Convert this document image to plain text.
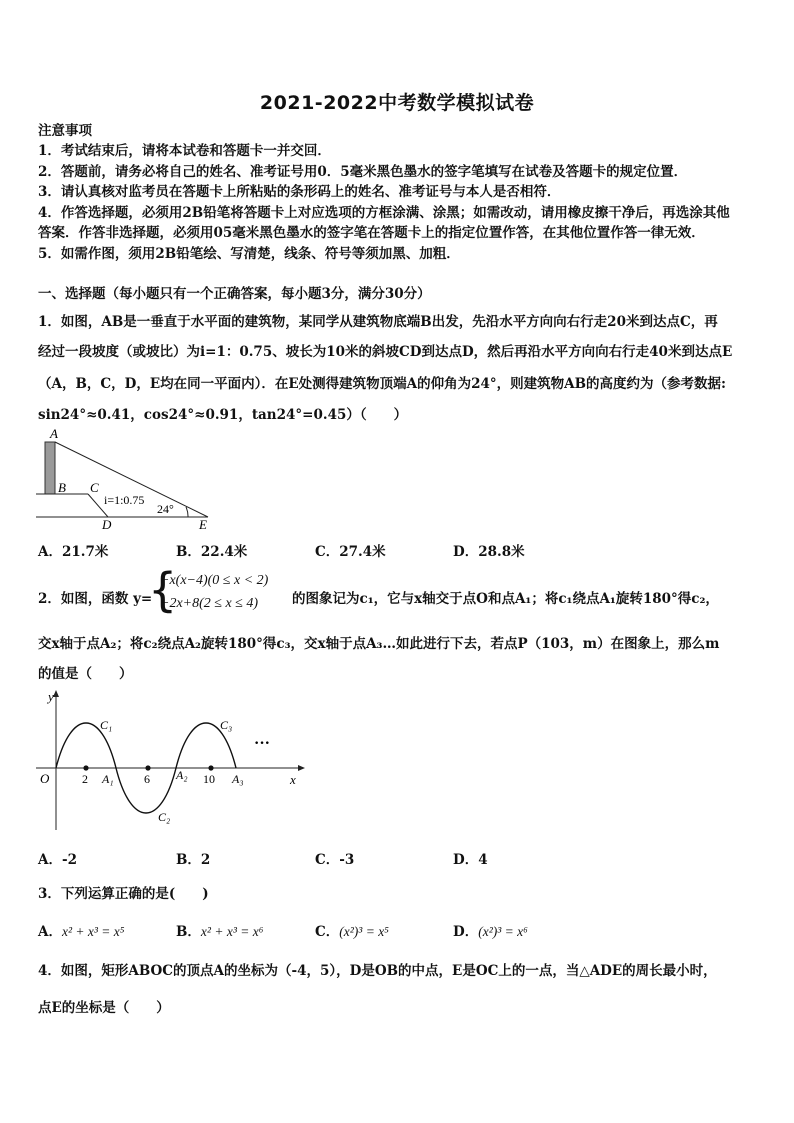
2021-2022中考数学模拟试卷
注意事项
1．考试结束后，请将本试卷和答题卡一并交回．
2．答题前，请务必将自己的姓名、准考证号用0．5毫米黑色墨水的签字笔填写在试卷及答题卡的规定位置．
3．请认真核对监考员在答题卡上所粘贴的条形码上的姓名、准考证号与本人是否相符．
4．作答选择题，必须用2B铅笔将答题卡上对应选项的方框涂满、涂黑；如需改动，请用橡皮擦干净后，再选涂其他
答案．作答非选择题，必须用05毫米黑色墨水的签字笔在答题卡上的指定位置作答，在其他位置作答一律无效．
5．如需作图，须用2B铅笔绘、写清楚，线条、符号等须加黑、加粗．
一、选择题（每小题只有一个正确答案，每小题3分，满分30分）
1．如图，AB是一垂直于水平面的建筑物，某同学从建筑物底端B出发，先沿水平方向向右行走20米到达点C，再
经过一段坡度（或坡比）为i=1：0.75、坡长为10米的斜坡CD到达点D，然后再沿水平方向向右行走40米到达点E
（A，B，C，D，E均在同一平面内）．在E处测得建筑物顶端A的仰角为24°，则建筑物AB的高度约为（参考数据:
sin24°≈0.41，cos24°≈0.91，tan24°=0.45）（　　）
A
B C
D	E
i=1:0.75
24°
A．21.7米	B．22.4米	C．27.4米	D．28.8米
2．如图，函数 y=
{
−x(x−4)(0 ≤ x < 2)
−2x+8(2 ≤ x ≤ 4)	的图象记为c₁，它与x轴交于点O和点A₁；将c₁绕点A₁旋转180°得c₂，
交x轴于点A₂；将c₂绕点A₂旋转180°得c₃，交x轴于点A₃…如此进行下去，若点P（103，m）在图象上，那么m
的值是（　　）
y
x
O	2	6	10
A₁	A₂	A₃
C₁
C₂
C₃
···
A．-2	B．2	C．-3	D．4
3．下列运算正确的是(　　)
A．x² + x³ = x⁵	B．x² + x³ = x⁶	C．(x²)³ = x⁵	D．(x²)³ = x⁶
4．如图，矩形ABOC的顶点A的坐标为（-4，5），D是OB的中点，E是OC上的一点，当△ADE的周长最小时，
点E的坐标是（　　）
